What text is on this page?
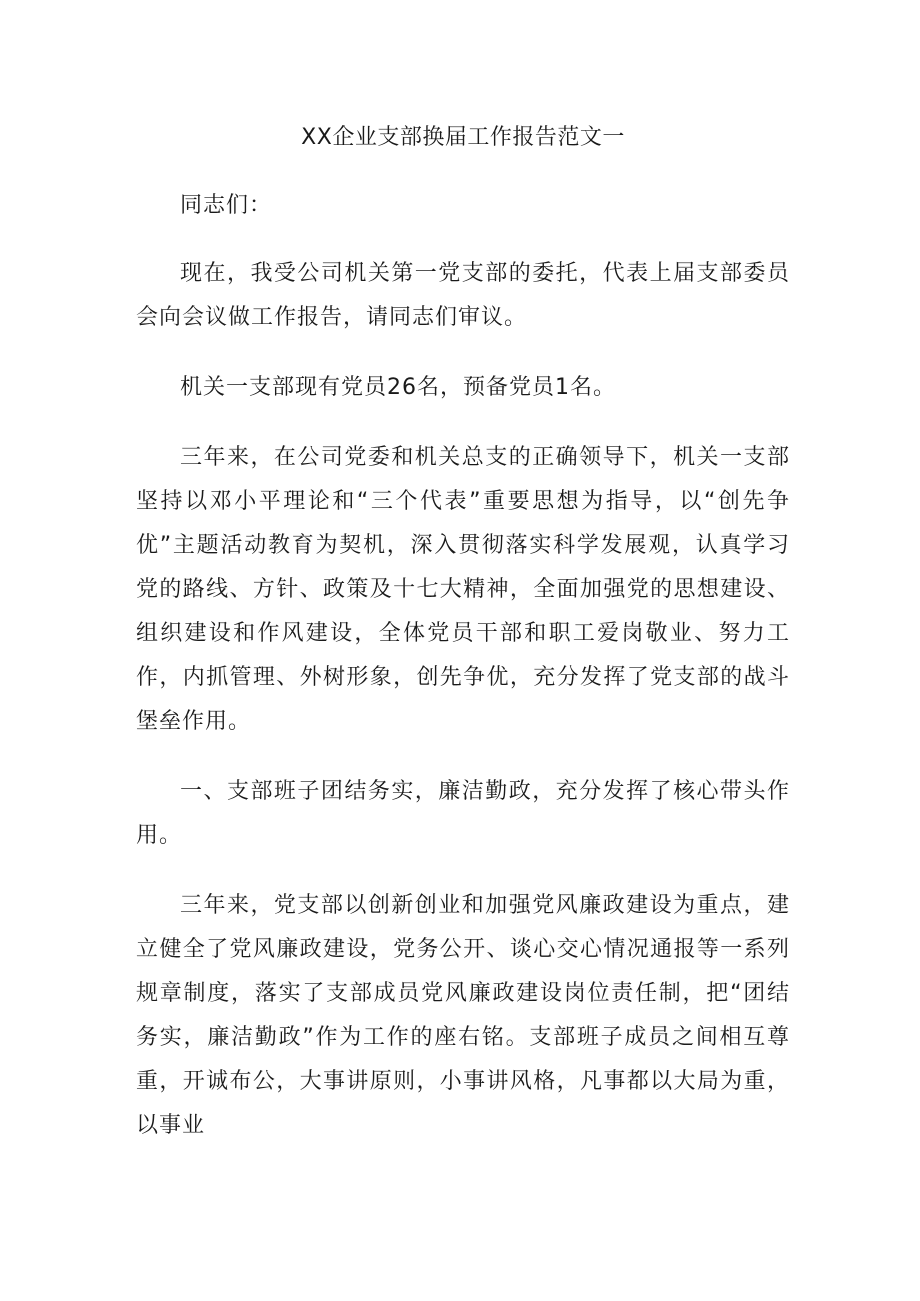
XX企业支部换届工作报告范文一

同志们：

现在，我受公司机关第一党支部的委托，代表上届支部委员会向会议做工作报告，请同志们审议。

机关一支部现有党员26名，预备党员1名。

三年来，在公司党委和机关总支的正确领导下，机关一支部坚持以邓小平理论和“三个代表”重要思想为指导，以“创先争优”主题活动教育为契机，深入贯彻落实科学发展观，认真学习党的路线、方针、政策及十七大精神，全面加强党的思想建设、组织建设和作风建设，全体党员干部和职工爱岗敬业、努力工作，内抓管理、外树形象，创先争优，充分发挥了党支部的战斗堡垒作用。

一、支部班子团结务实，廉洁勤政，充分发挥了核心带头作用。

三年来，党支部以创新创业和加强党风廉政建设为重点，建立健全了党风廉政建设，党务公开、谈心交心情况通报等一系列规章制度，落实了支部成员党风廉政建设岗位责任制，把“团结务实，廉洁勤政”作为工作的座右铭。支部班子成员之间相互尊重，开诚布公，大事讲原则，小事讲风格，凡事都以大局为重，以事业
